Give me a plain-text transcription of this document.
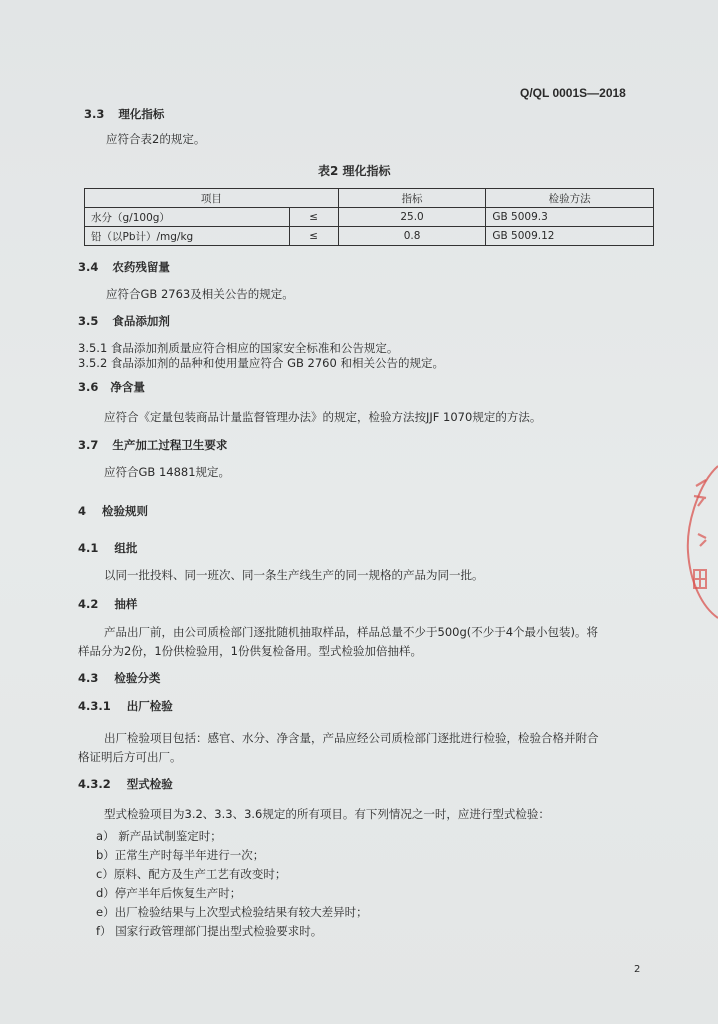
Q/QL 0001S—2018
3.3 理化指标
应符合表2的规定。
表2 理化指标
项目		指标	检验方法
水分（g/100g）	≤	25.0	GB 5009.3
铅（以Pb计）/mg/kg	≤	0.8	GB 5009.12
3.4 农药残留量
应符合GB 2763及相关公告的规定。
3.5 食品添加剂
3.5.1 食品添加剂质量应符合相应的国家安全标准和公告规定。
3.5.2 食品添加剂的品种和使用量应符合 GB 2760 和相关公告的规定。
3.6 净含量
应符合《定量包装商品计量监督管理办法》的规定，检验方法按JJF 1070规定的方法。
3.7 生产加工过程卫生要求
应符合GB 14881规定。
4 检验规则
4.1 组批
以同一批投料、同一班次、同一条生产线生产的同一规格的产品为同一批。
4.2 抽样
产品出厂前，由公司质检部门逐批随机抽取样品，样品总量不少于500g(不少于4个最小包装)。将
样品分为2份，1份供检验用，1份供复检备用。型式检验加倍抽样。
4.3 检验分类
4.3.1 出厂检验
出厂检验项目包括：感官、水分、净含量，产品应经公司质检部门逐批进行检验，检验合格并附合
格证明后方可出厂。
4.3.2 型式检验
型式检验项目为3.2、3.3、3.6规定的所有项目。有下列情况之一时，应进行型式检验：
a） 新产品试制鉴定时；
b）正常生产时每半年进行一次；
c）原料、配方及生产工艺有改变时；
d）停产半年后恢复生产时；
e）出厂检验结果与上次型式检验结果有较大差异时；
f） 国家行政管理部门提出型式检验要求时。
2
